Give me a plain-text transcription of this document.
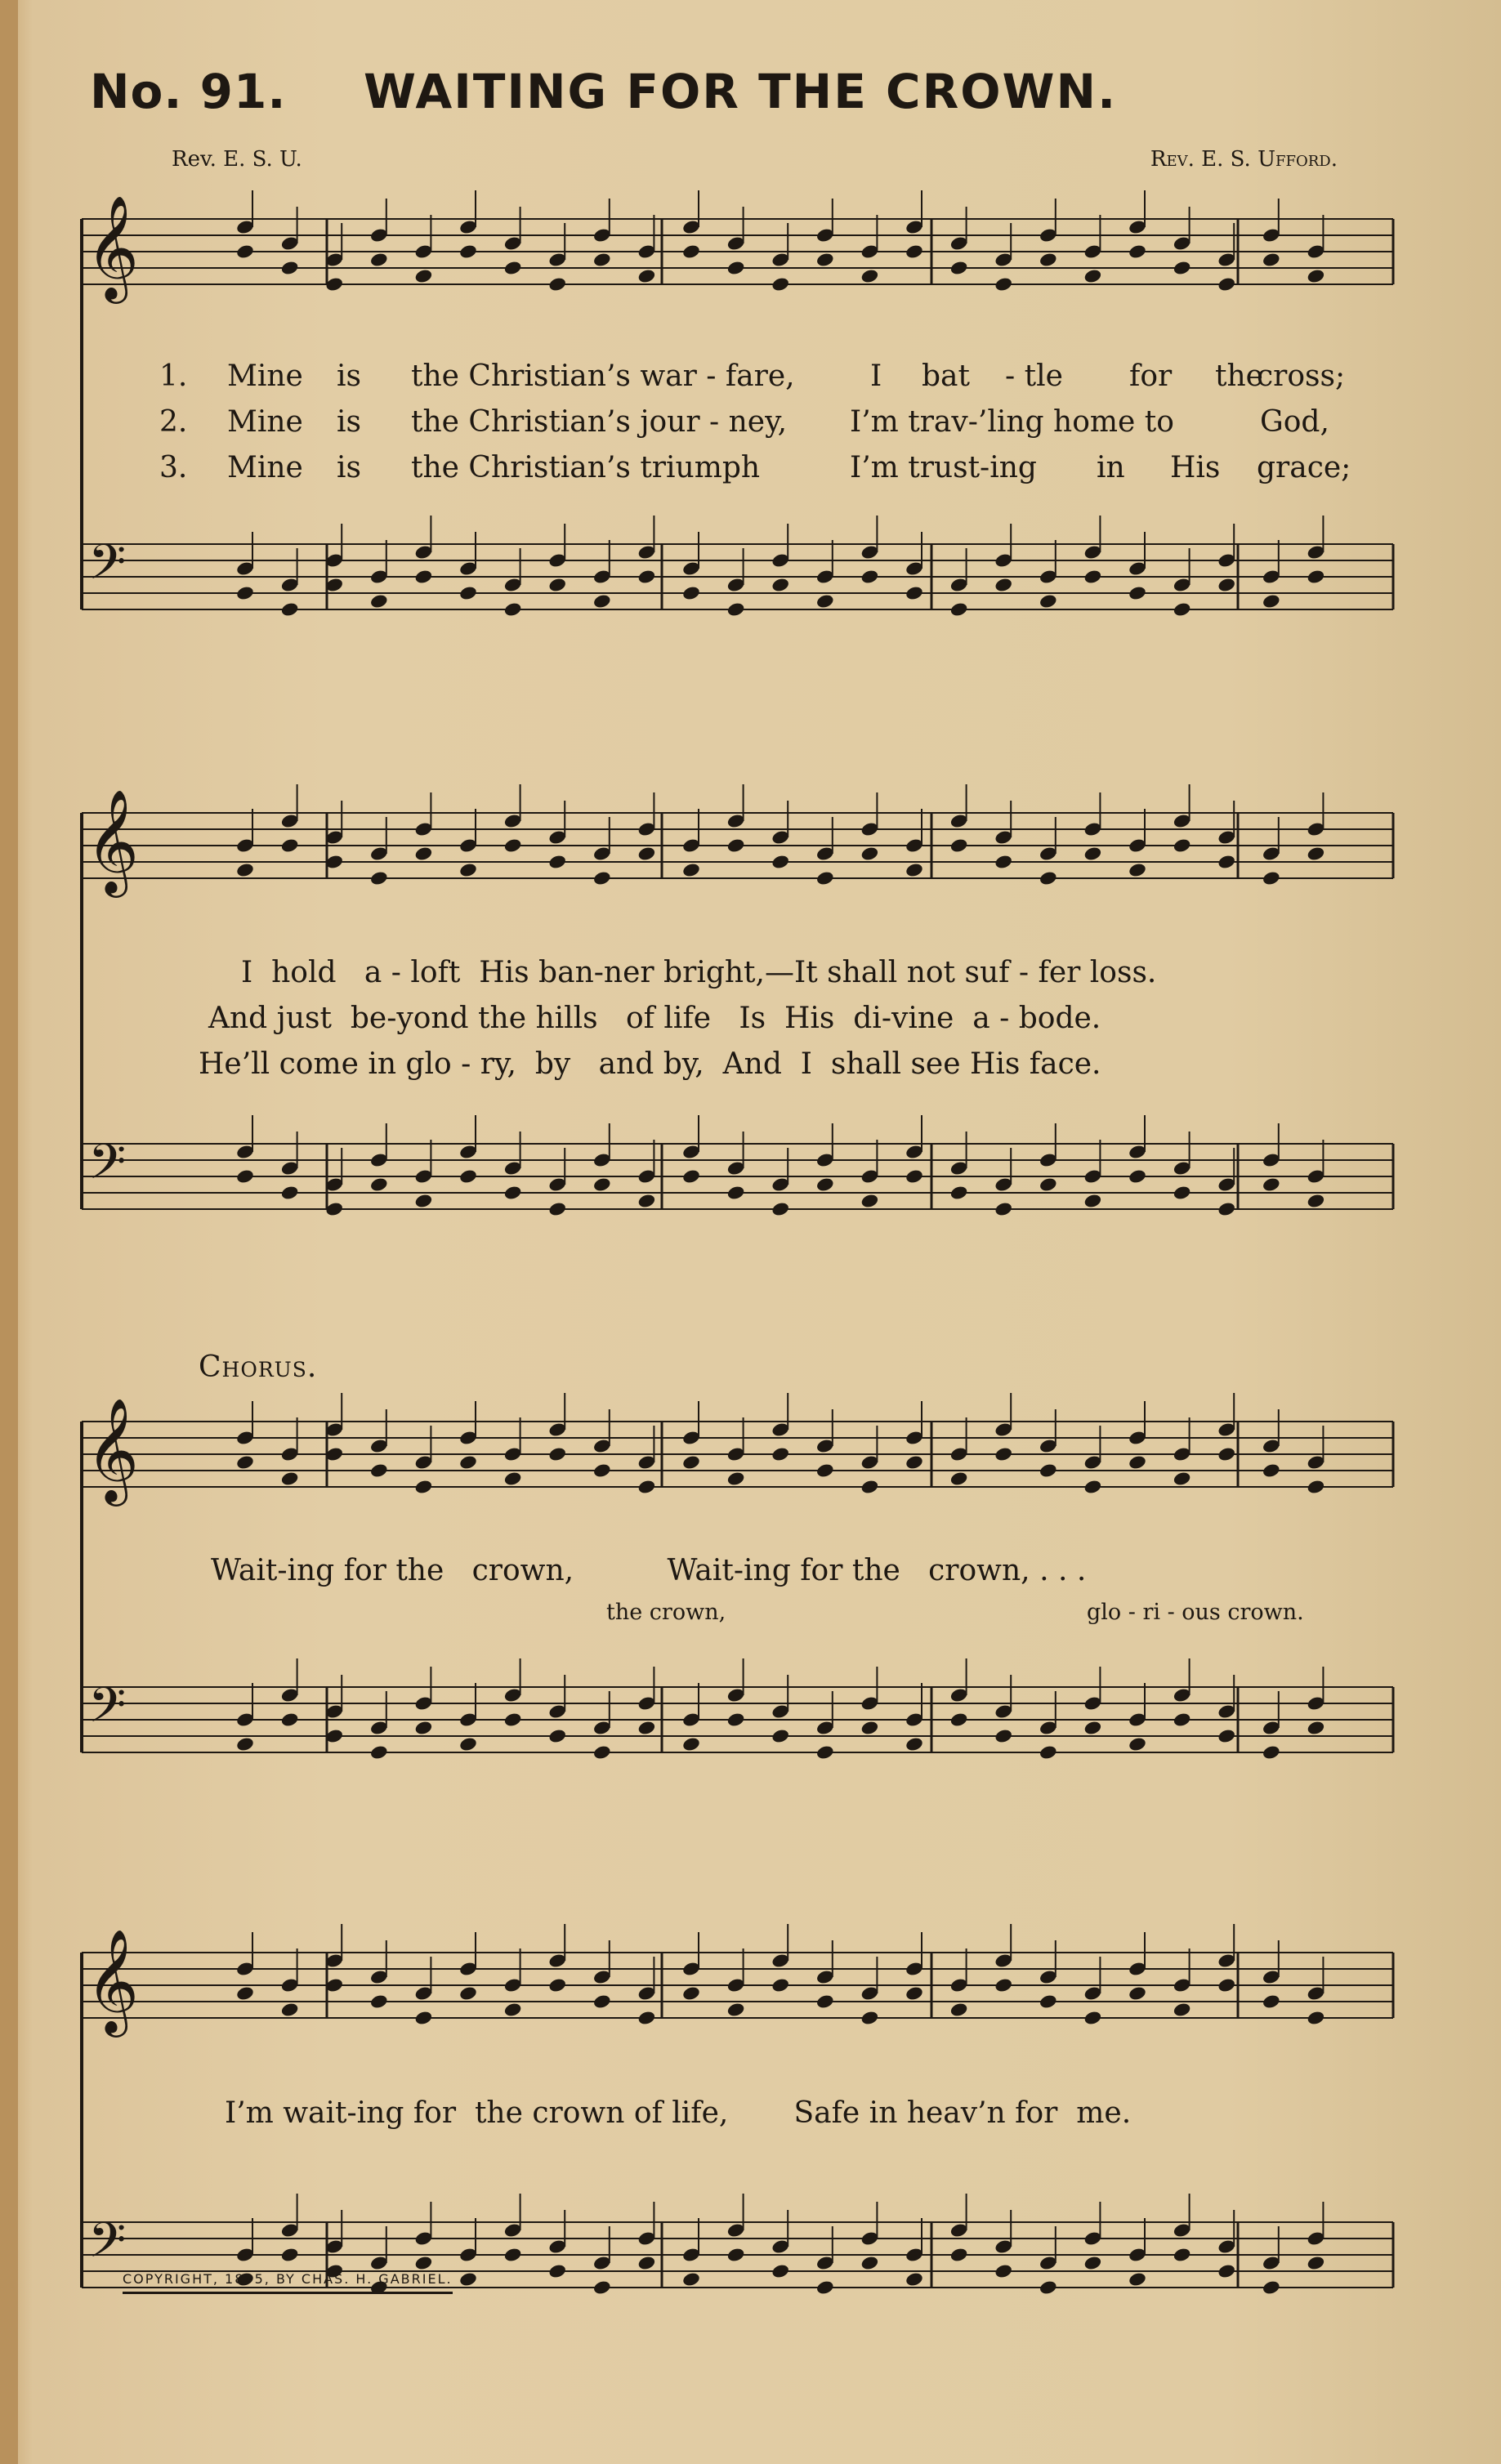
No. 91. WAITING FOR THE CROWN.
Rev. E. S. U.	Rev. E. S. Ufford.
𝄞
𝄢
𝄞
𝄢
𝄞
𝄢
𝄞
𝄢
1. Mine is the Christian’s war - fare,	I bat - tle for the
cross;
2. Mine is the Christian’s jour - ney, I’m trav-’ling home to	God,
3. Mine is the Christian’s triumph	I’m trust-ing in His grace;
I  hold   a - loft  His ban-ner bright,—It shall not suf - fer loss.
And just  be-yond the hills   of life   Is  His  di-vine  a - bode.
He’ll come in glo - ry,  by   and by,  And  I  shall see His face.
Chorus.
Wait-ing for the   crown,          Wait-ing for the   crown, . . .
the crown,	glo - ri - ous crown.
I’m wait-ing for  the crown of life,       Safe in heav’n for  me.
COPYRIGHT, 1895, BY CHAS. H. GABRIEL.
